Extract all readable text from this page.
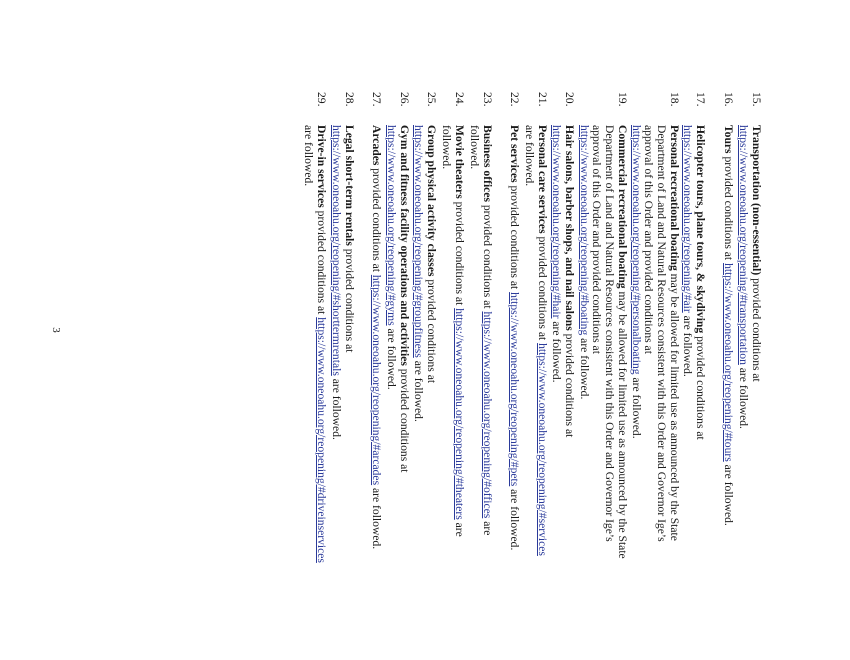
15.
Transportation (non-essential) provided conditions at https://www.oneoahu.org/reopening/#transportation are followed.
16.
Tours provided conditions at https://www.oneoahu.org/reopening/#tours are followed.
17.
Helicopter tours, plane tours, & skydiving provided conditions at https://www.oneoahu.org/reopening/#air are followed.
18.
Personal recreational boating may be allowed for limited use as announced by the State Department of Land and Natural Resources consistent with this Order and Governor Ige’s approval of this Order and provided conditions at https://www.oneoahu.org/reopening/#personalboating are followed.
19.
Commercial recreational boating may be allowed for limited use as announced by the State Department of Land and Natural Resources consistent with this Order and Governor Ige’s approval of this Order and provided conditions at https://www.oneoahu.org/reopening/#boating are followed.
20.
Hair salons, barber shops, and nail salons provided conditions at https://www.oneoahu.org/reopening/#hair are followed.
21.
Personal care services provided conditions at https://www.oneoahu.org/reopening/#services are followed.
22.
Pet services provided conditions at https://www.oneoahu.org/reopening/#pets are followed.
23.
Business offices provided conditions at https://www.oneoahu.org/reopening/#offices are followed.
24.
Movie theaters provided conditions at https://www.oneoahu.org/reopening/#theaters are followed.
25.
Group physical activity classes provided conditions at https://www.oneoahu.org/reopening/#groupfitness are followed.
26.
Gym and fitness facility operations and activities provided conditions at https://www.oneoahu.org/reopening/#gyms are followed.
27.
Arcades provided conditions at https://www.oneoahu.org/reopening/#arcades are followed.
28.
Legal short-term rentals provided conditions at https://www.oneoahu.org/reopening/#shorttermrentals are followed.
29.
Drive-in services provided conditions at https://www.oneoahu.org/reopening/#driveinservices are followed.
3
